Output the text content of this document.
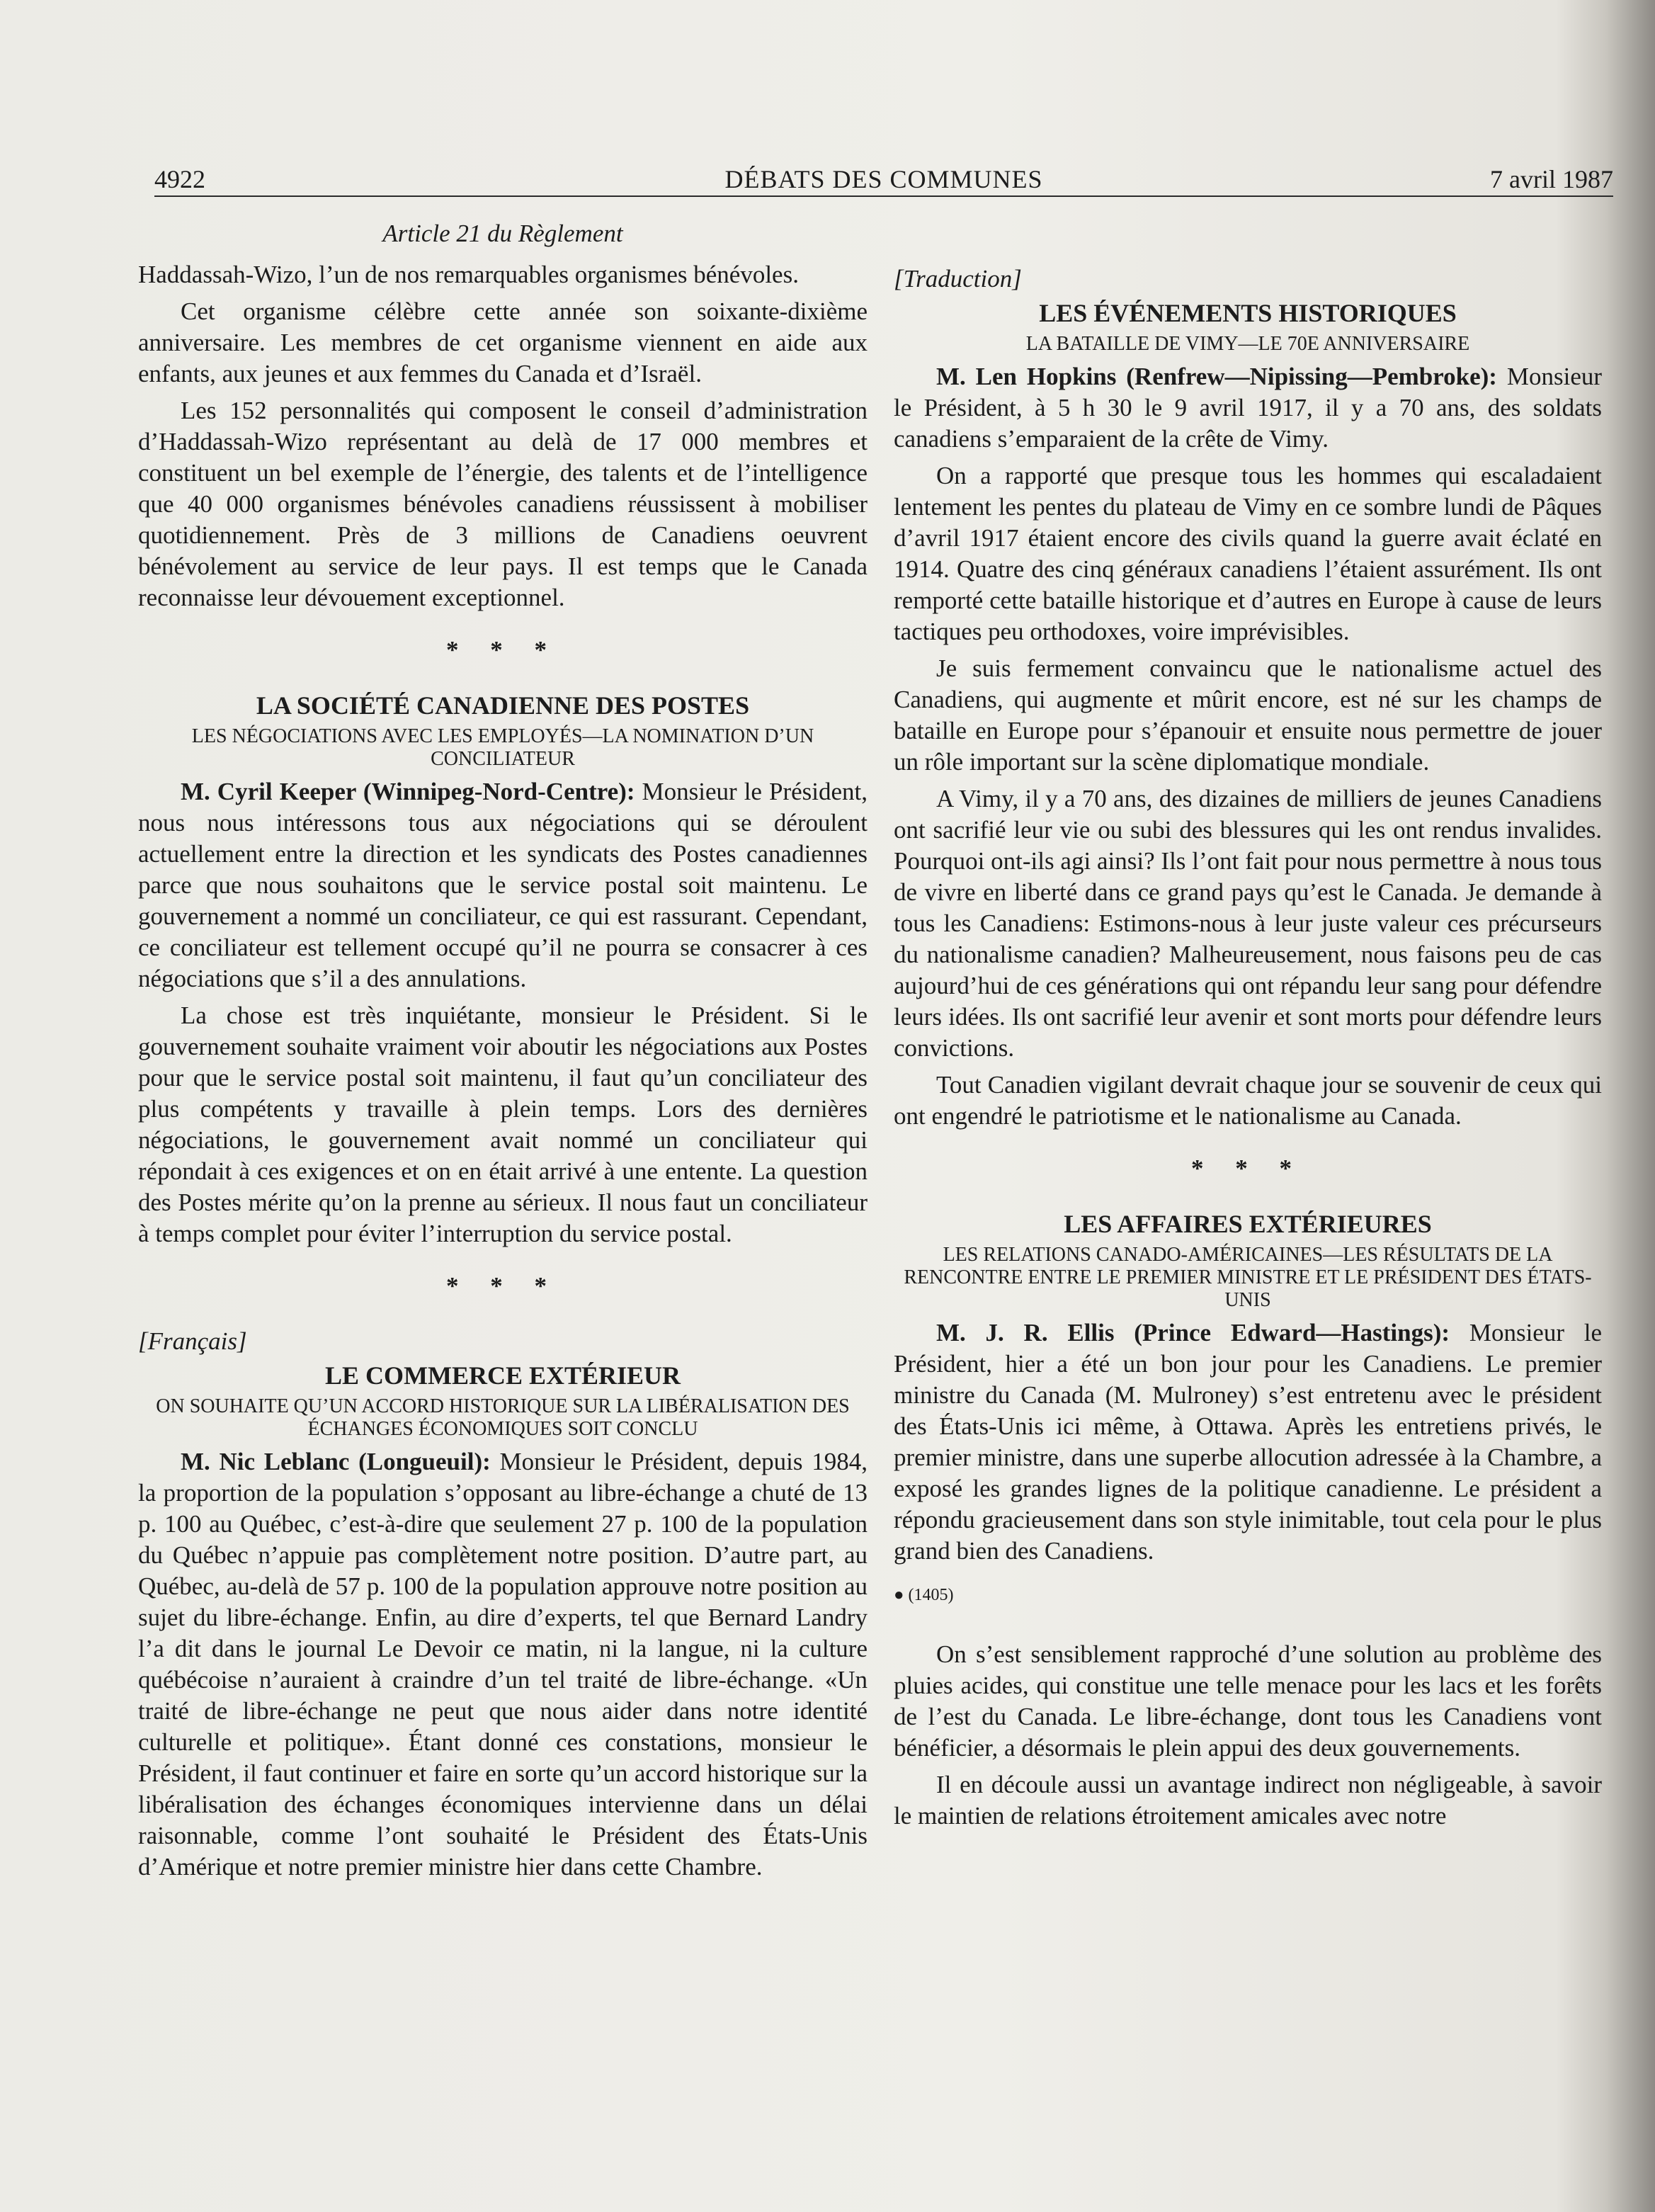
4922	DÉBATS DES COMMUNES	7 avril 1987
Article 21 du Règlement

Haddassah-Wizo, l’un de nos remarquables organismes bénévoles.

Cet organisme célèbre cette année son soixante-dixième anniversaire. Les membres de cet organisme viennent en aide aux enfants, aux jeunes et aux femmes du Canada et d’Israël.

Les 152 personnalités qui composent le conseil d’administration d’Haddassah-Wizo représentant au delà de 17 000 membres et constituent un bel exemple de l’énergie, des talents et de l’intelligence que 40 000 organismes bénévoles canadiens réussissent à mobiliser quotidiennement. Près de 3 millions de Canadiens oeuvrent bénévolement au service de leur pays. Il est temps que le Canada reconnaisse leur dévouement exceptionnel.

* * *
LA SOCIÉTÉ CANADIENNE DES POSTES
LES NÉGOCIATIONS AVEC LES EMPLOYÉS—LA NOMINATION D’UN CONCILIATEUR

M. Cyril Keeper (Winnipeg-Nord-Centre): Monsieur le Président, nous nous intéressons tous aux négociations qui se déroulent actuellement entre la direction et les syndicats des Postes canadiennes parce que nous souhaitons que le service postal soit maintenu. Le gouvernement a nommé un conciliateur, ce qui est rassurant. Cependant, ce conciliateur est tellement occupé qu’il ne pourra se consacrer à ces négociations que s’il a des annulations.

La chose est très inquiétante, monsieur le Président. Si le gouvernement souhaite vraiment voir aboutir les négociations aux Postes pour que le service postal soit maintenu, il faut qu’un conciliateur des plus compétents y travaille à plein temps. Lors des dernières négociations, le gouvernement avait nommé un conciliateur qui répondait à ces exigences et on en était arrivé à une entente. La question des Postes mérite qu’on la prenne au sérieux. Il nous faut un conciliateur à temps complet pour éviter l’interruption du service postal.

* * *
[Français]
LE COMMERCE EXTÉRIEUR
ON SOUHAITE QU’UN ACCORD HISTORIQUE SUR LA LIBÉRALISATION DES ÉCHANGES ÉCONOMIQUES SOIT CONCLU

M. Nic Leblanc (Longueuil): Monsieur le Président, depuis 1984, la proportion de la population s’opposant au libre-échange a chuté de 13 p. 100 au Québec, c’est-à-dire que seulement 27 p. 100 de la population du Québec n’appuie pas complètement notre position. D’autre part, au Québec, au-delà de 57 p. 100 de la population approuve notre position au sujet du libre-échange. Enfin, au dire d’experts, tel que Bernard Landry l’a dit dans le journal Le Devoir ce matin, ni la langue, ni la culture québécoise n’auraient à craindre d’un tel traité de libre-échange. «Un traité de libre-échange ne peut que nous aider dans notre identité culturelle et politique». Étant donné ces constations, monsieur le Président, il faut continuer et faire en sorte qu’un accord historique sur la libéralisation des échanges économiques intervienne dans un délai raisonnable, comme l’ont souhaité le Président des États-Unis d’Amérique et notre premier ministre hier dans cette Chambre.

[Traduction]
LES ÉVÉNEMENTS HISTORIQUES
LA BATAILLE DE VIMY—LE 70E ANNIVERSAIRE

M. Len Hopkins (Renfrew—Nipissing—Pembroke): Monsieur le Président, à 5 h 30 le 9 avril 1917, il y a 70 ans, des soldats canadiens s’emparaient de la crête de Vimy.

On a rapporté que presque tous les hommes qui escaladaient lentement les pentes du plateau de Vimy en ce sombre lundi de Pâques d’avril 1917 étaient encore des civils quand la guerre avait éclaté en 1914. Quatre des cinq généraux canadiens l’étaient assurément. Ils ont remporté cette bataille historique et d’autres en Europe à cause de leurs tactiques peu orthodoxes, voire imprévisibles.

Je suis fermement convaincu que le nationalisme actuel des Canadiens, qui augmente et mûrit encore, est né sur les champs de bataille en Europe pour s’épanouir et ensuite nous permettre de jouer un rôle important sur la scène diplomatique mondiale.

A Vimy, il y a 70 ans, des dizaines de milliers de jeunes Canadiens ont sacrifié leur vie ou subi des blessures qui les ont rendus invalides. Pourquoi ont-ils agi ainsi? Ils l’ont fait pour nous permettre à nous tous de vivre en liberté dans ce grand pays qu’est le Canada. Je demande à tous les Canadiens: Estimons-nous à leur juste valeur ces précurseurs du nationalisme canadien? Malheureusement, nous faisons peu de cas aujourd’hui de ces générations qui ont répandu leur sang pour défendre leurs idées. Ils ont sacrifié leur avenir et sont morts pour défendre leurs convictions.

Tout Canadien vigilant devrait chaque jour se souvenir de ceux qui ont engendré le patriotisme et le nationalisme au Canada.

* * *
LES AFFAIRES EXTÉRIEURES
LES RELATIONS CANADO-AMÉRICAINES—LES RÉSULTATS DE LA RENCONTRE ENTRE LE PREMIER MINISTRE ET LE PRÉSIDENT DES ÉTATS-UNIS

M. J. R. Ellis (Prince Edward—Hastings): Monsieur le Président, hier a été un bon jour pour les Canadiens. Le premier ministre du Canada (M. Mulroney) s’est entretenu avec le président des États-Unis ici même, à Ottawa. Après les entretiens privés, le premier ministre, dans une superbe allocution adressée à la Chambre, a exposé les grandes lignes de la politique canadienne. Le président a répondu gracieusement dans son style inimitable, tout cela pour le plus grand bien des Canadiens.

● (1405)

On s’est sensiblement rapproché d’une solution au problème des pluies acides, qui constitue une telle menace pour les lacs et les forêts de l’est du Canada. Le libre-échange, dont tous les Canadiens vont bénéficier, a désormais le plein appui des deux gouvernements.

Il en découle aussi un avantage indirect non négligeable, à savoir le maintien de relations étroitement amicales avec notre
